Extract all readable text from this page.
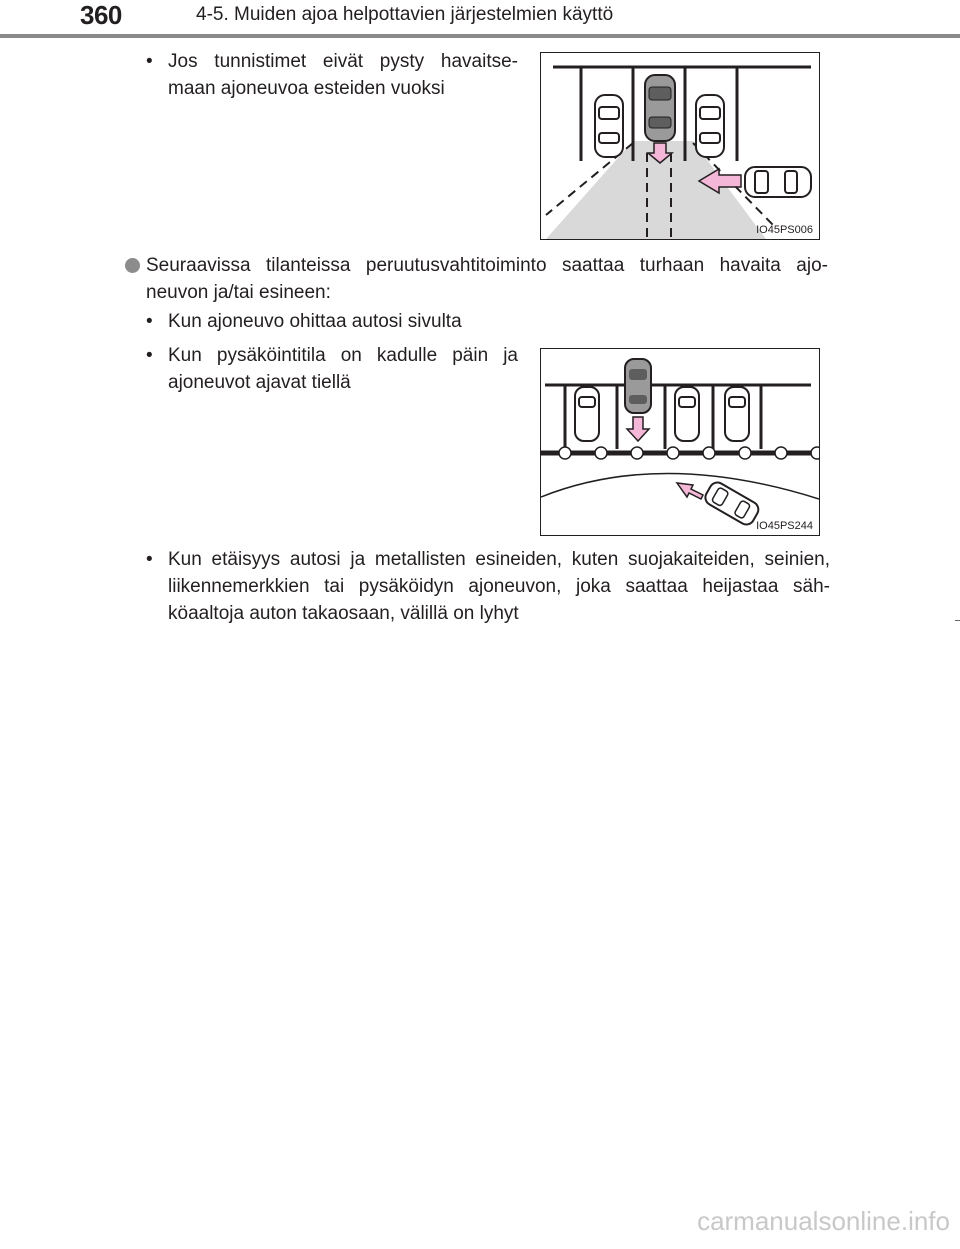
360	4-5. Muiden ajoa helpottavien järjestelmien käyttö
• Jos tunnistimet eivät pysty havaitse-
maan ajoneuvoa esteiden vuoksi
IO45PS006
Seuraavissa tilanteissa peruutusvahtitoiminto saattaa turhaan havaita ajo-
neuvon ja/tai esineen:
• Kun ajoneuvo ohittaa autosi sivulta
• Kun pysäköintitila on kadulle päin ja
ajoneuvot ajavat tiellä
IO45PS244
• Kun etäisyys autosi ja metallisten esineiden, kuten suojakaiteiden, seinien,
liikennemerkkien tai pysäköidyn ajoneuvon, joka saattaa heijastaa säh-
köaaltoja auton takaosaan, välillä on lyhyt
carmanualsonline.info
